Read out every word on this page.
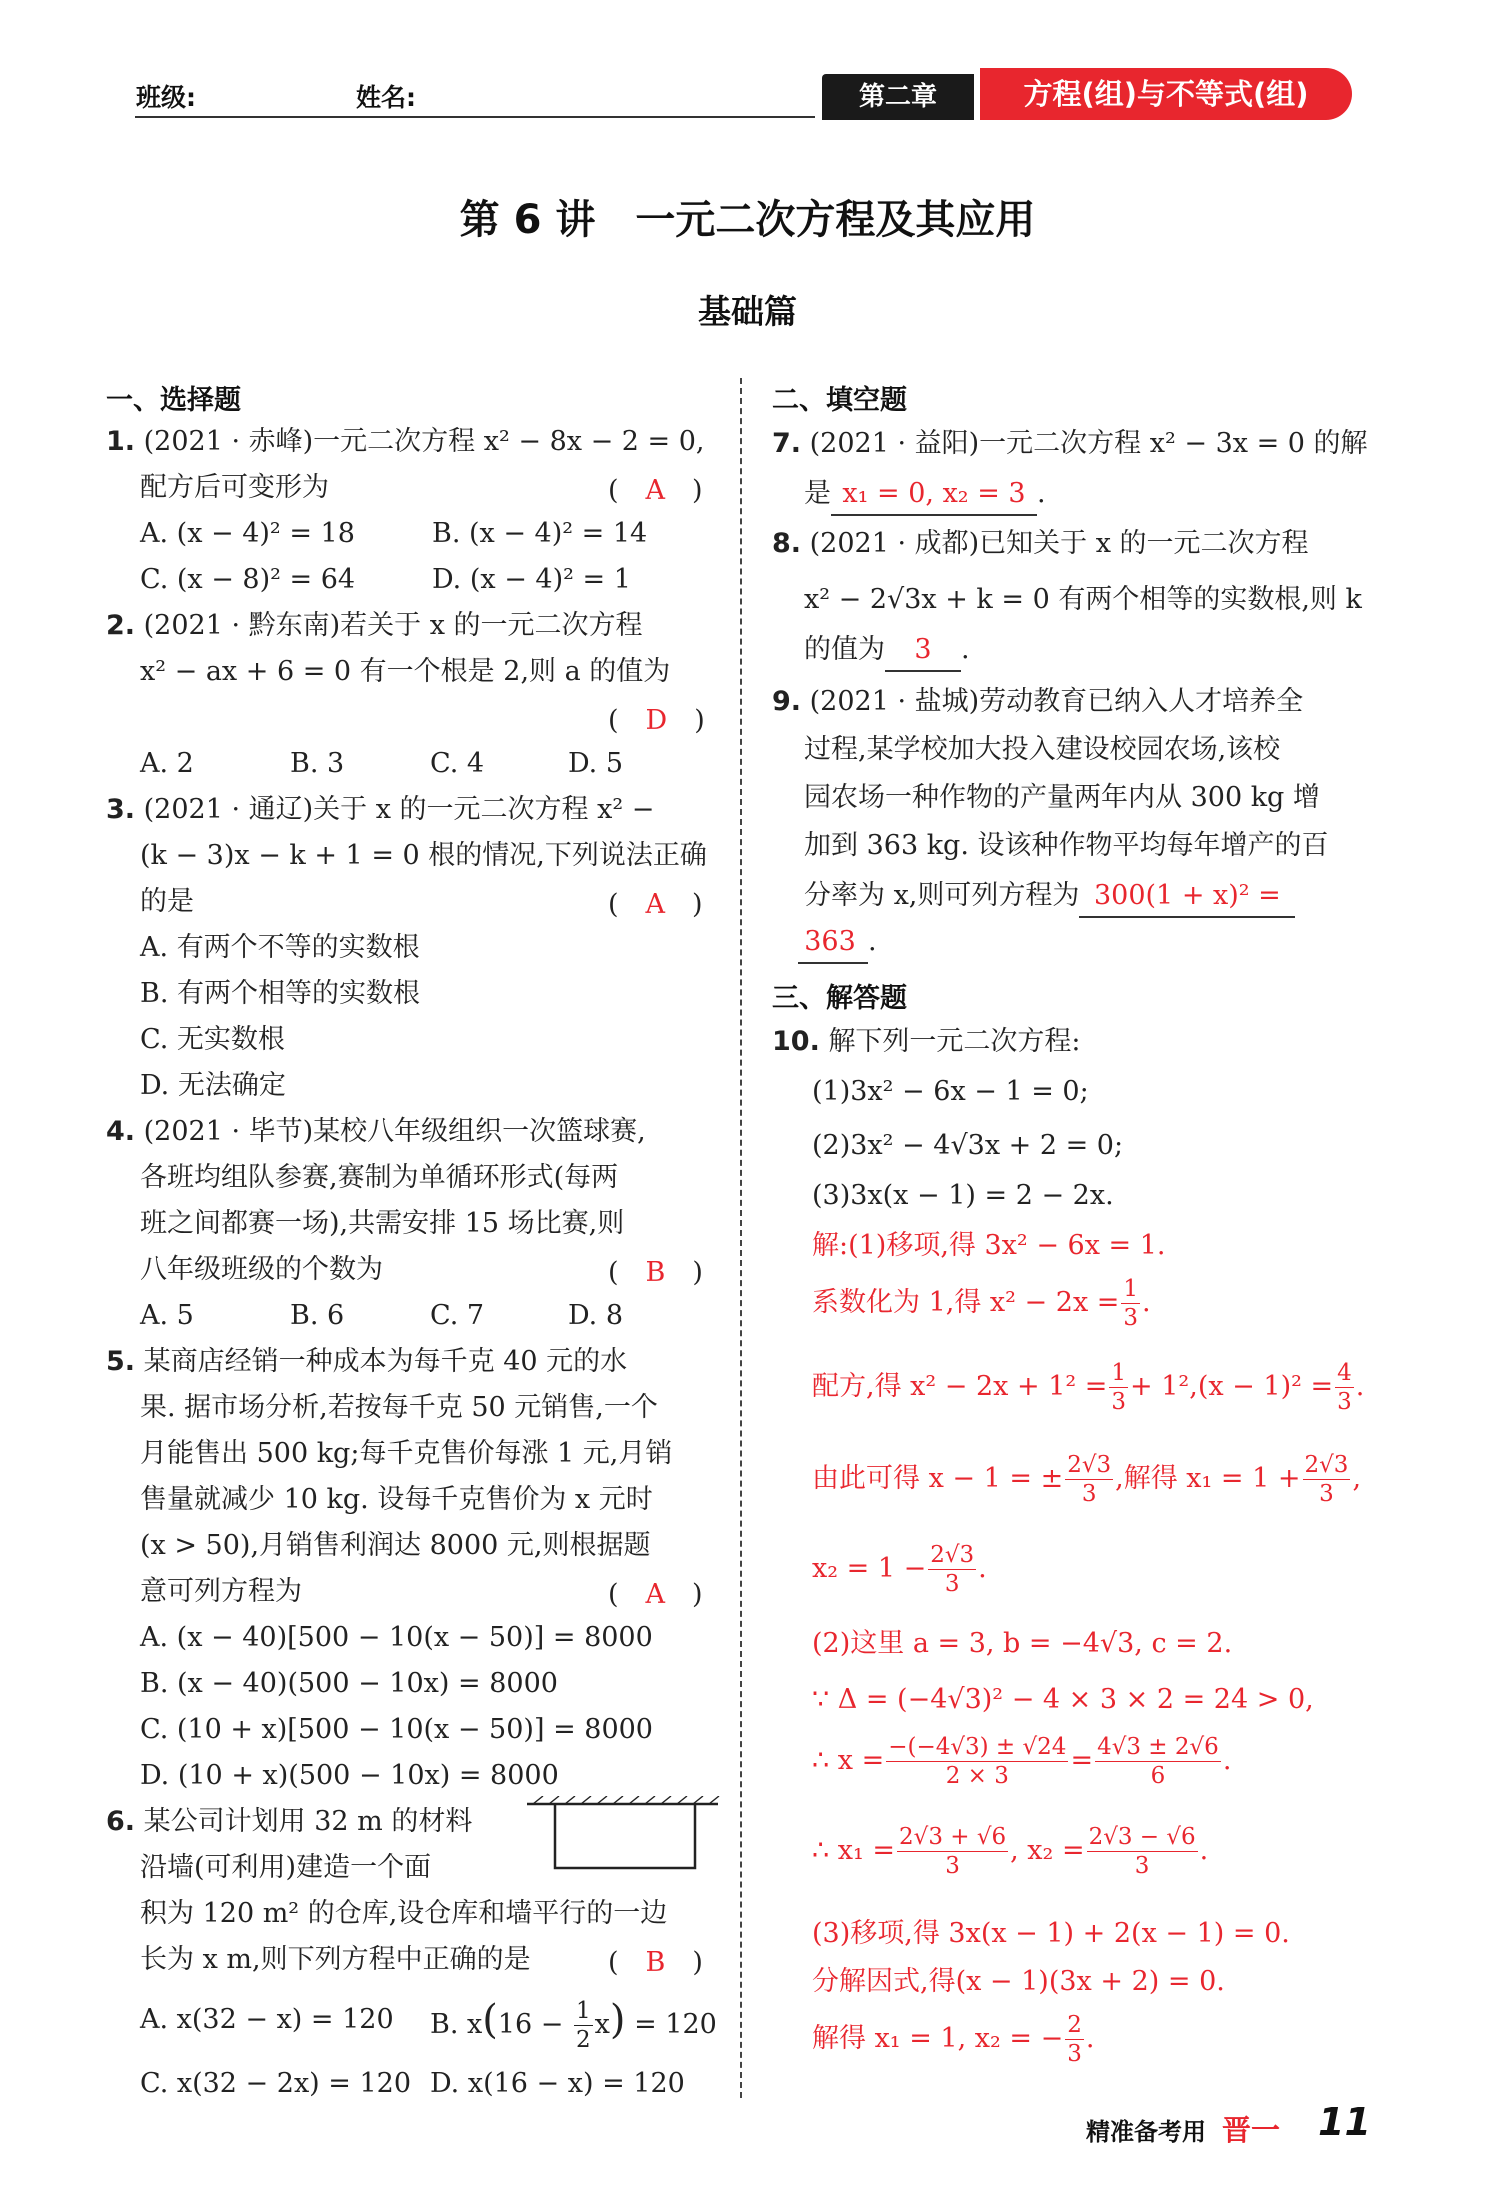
班级:	姓名:	第二章	方程(组)与不等式(组)
第 6 讲　一元二次方程及其应用
基础篇
一、选择题
1. (2021 · 赤峰)一元二次方程 x² − 8x − 2 = 0,
配方后可变形为	(　A　)
A. (x − 4)² = 18	B. (x − 4)² = 14
C. (x − 8)² = 64	D. (x − 4)² = 1
2. (2021 · 黔东南)若关于 x 的一元二次方程
x² − ax + 6 = 0 有一个根是 2,则 a 的值为
(　D　)
A. 2	B. 3	C. 4	D. 5
3. (2021 · 通辽)关于 x 的一元二次方程 x² −
(k − 3)x − k + 1 = 0 根的情况,下列说法正确
的是	(　A　)
A. 有两个不等的实数根
B. 有两个相等的实数根
C. 无实数根
D. 无法确定
4. (2021 · 毕节)某校八年级组织一次篮球赛,
各班均组队参赛,赛制为单循环形式(每两
班之间都赛一场),共需安排 15 场比赛,则
八年级班级的个数为	(　B　)
A. 5	B. 6	C. 7	D. 8
5. 某商店经销一种成本为每千克 40 元的水
果. 据市场分析,若按每千克 50 元销售,一个
月能售出 500 kg;每千克售价每涨 1 元,月销
售量就减少 10 kg. 设每千克售价为 x 元时
(x > 50),月销售利润达 8000 元,则根据题
意可列方程为	(　A　)
A. (x − 40)[500 − 10(x − 50)] = 8000
B. (x − 40)(500 − 10x) = 8000
C. (10 + x)[500 − 10(x − 50)] = 8000
D. (10 + x)(500 − 10x) = 8000
6. 某公司计划用 32 m 的材料
沿墙(可利用)建造一个面
积为 120 m² 的仓库,设仓库和墙平行的一边
长为 x m,则下列方程中正确的是	(　B　)
A. x(32 − x) = 120 B. $x(16 - \frac{1}{2} x) = 120$
C. x(32 − 2x) = 120 D. x(16 − x) = 120
二、填空题
7. (2021 · 益阳)一元二次方程 x² − 3x = 0 的解
是 x₁ = 0, x₂ = 3 .
8. (2021 · 成都)已知关于 x 的一元二次方程
x² − 2√3x + k = 0 有两个相等的实数根,则 k
的值为 3 .
9. (2021 · 盐城)劳动教育已纳入人才培养全
过程,某学校加大投入建设校园农场,该校
园农场一种作物的产量两年内从 300 kg 增
加到 363 kg. 设该种作物平均每年增产的百
分率为 x,则可列方程为 300(1 + x)² =
363 .
三、解答题
10. 解下列一元二次方程:
(1)3x² − 6x − 1 = 0;
(2)3x² − 4√3x + 2 = 0;
(3)3x(x − 1) = 2 − 2x.
解:(1)移项,得 3x² − 6x = 1.
系数化为 1,得 $x^2 - 2x = \frac{1}{3}$ .
配方,得 $x^2 - 2x + 1^2 = \frac{1}{3} + 1^2,(x - 1)^2 = \frac{4}{3}$ .
由此可得 x − 1 = ± $\frac{2√3}{3}$ ,解得 $x_1 = 1 + \frac{2√3}{3}$ ,
$x_2 = 1 - \frac{2√3}{3}$ .
(2)这里 a = 3, b = −4√3, c = 2.
∵ Δ = (−4√3)² − 4 × 3 × 2 = 24 > 0,
∴ $x = \frac{-(-4√3) \pm √24}{2 \times 3} = \frac{4√3 \pm 2√6}{6}$ .
∴ $x_1 = \frac{2√3 + √6}{3}$ , $x_2 = \frac{2√3 - √6}{3}$ .
(3)移项,得 3x(x − 1) + 2(x − 1) = 0.
分解因式,得(x − 1)(3x + 2) = 0.
解得 x₁ = 1, x₂ = − $\frac{2}{3}$ .
精准备考用 晋一 11
